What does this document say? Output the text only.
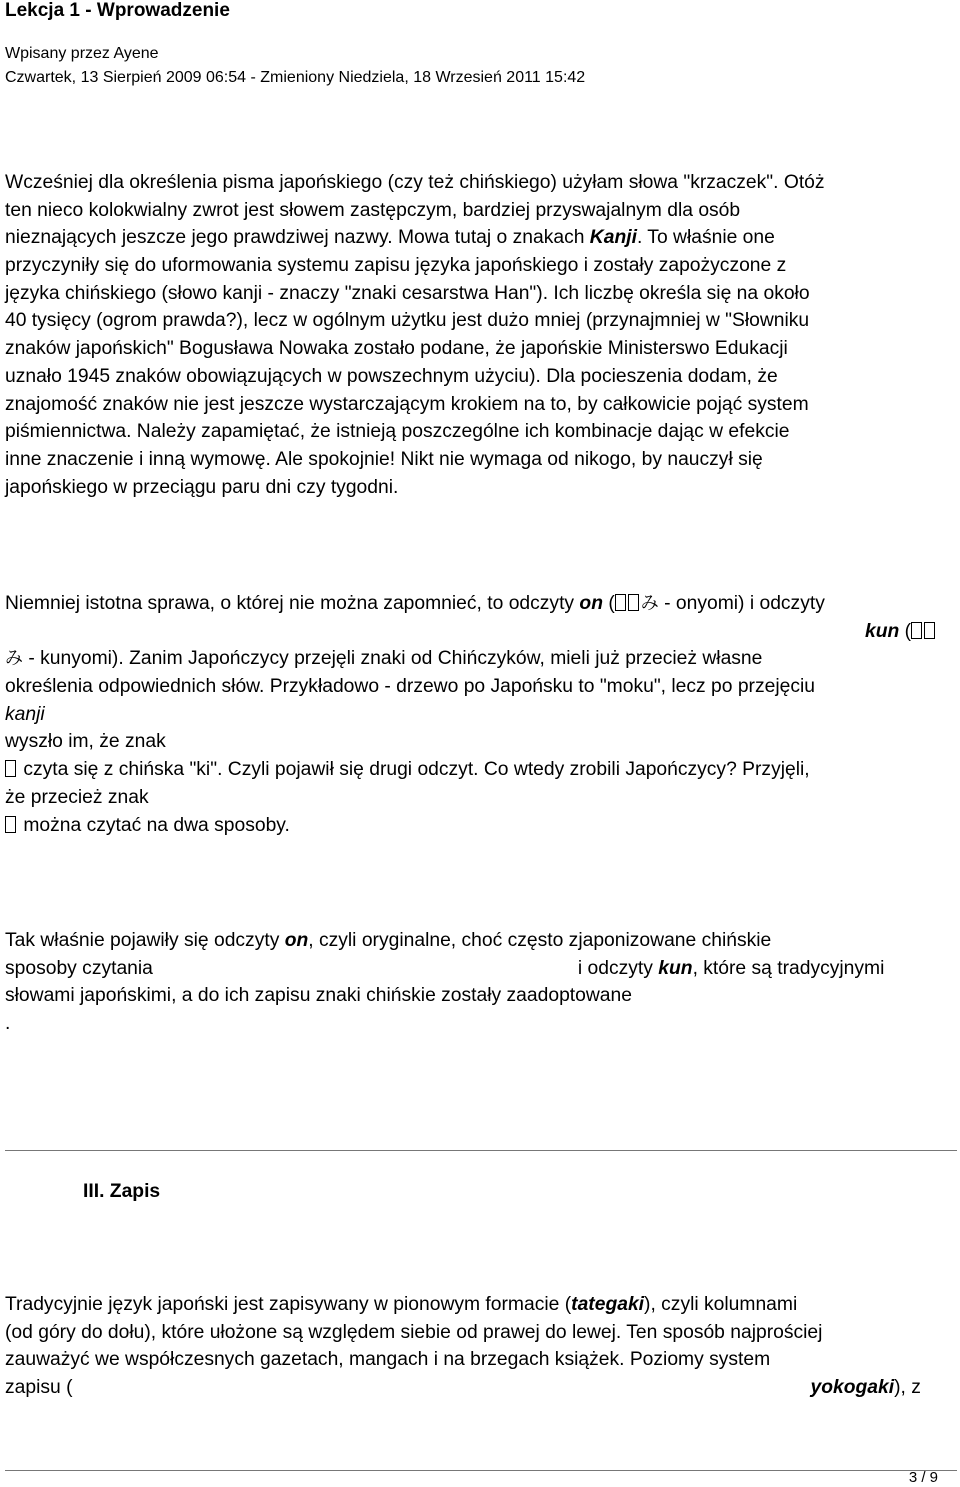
Lekcja 1 - Wprowadzenie
Wpisany przez Ayene
Czwartek, 13 Sierpień 2009 06:54 - Zmieniony Niedziela, 18 Wrzesień 2011 15:42
Wcześniej dla określenia pisma japońskiego (czy też chińskiego) użyłam słowa "krzaczek". Otóż
ten nieco kolokwialny zwrot jest słowem zastępczym, bardziej przyswajalnym dla osób
nieznających jeszcze jego prawdziwej nazwy. Mowa tutaj o znakach Kanji. To właśnie one
przyczyniły się do uformowania systemu zapisu języka japońskiego i zostały zapożyczone z
języka chińskiego (słowo kanji - znaczy "znaki cesarstwa Han"). Ich liczbę określa się na około
40 tysięcy (ogrom prawda?), lecz w ogólnym użytku jest dużo mniej (przynajmniej w "Słowniku
znaków japońskich" Bogusława Nowaka zostało podane, że japońskie Ministerswo Edukacji
uznało 1945 znaków obowiązujących w powszechnym użyciu). Dla pocieszenia dodam, że
znajomość znaków nie jest jeszcze wystarczającym krokiem na to, by całkowicie pojąć system
piśmiennictwa. Należy zapamiętać, że istnieją poszczególne ich kombinacje dając w efekcie
inne znaczenie i inną wymowę. Ale spokojnie! Nikt nie wymaga od nikogo, by nauczył się
japońskiego w przeciągu paru dni czy tygodni.
Niemniej istotna sprawa, o której nie można zapomnieć, to odczyty on ( み - onyomi) i odczyty
kun (
み - kunyomi). Zanim Japończycy przejęli znaki od Chińczyków, mieli już przecież własne
określenia odpowiednich słów. Przykładowo - drzewo po Japońsku to "moku", lecz po przejęciu
kanji
wyszło im, że znak
czyta się z chińska "ki". Czyli pojawił się drugi odczyt. Co wtedy zrobili Japończycy? Przyjęli,
że przecież znak
można czytać na dwa sposoby.
Tak właśnie pojawiły się odczyty on, czyli oryginalne, choć często zjaponizowane chińskie
sposoby czytania	i odczyty kun, które są tradycyjnymi
słowami japońskimi, a do ich zapisu znaki chińskie zostały zaadoptowane
.
III. Zapis
Tradycyjnie język japoński jest zapisywany w pionowym formacie (tategaki), czyli kolumnami
(od góry do dołu), które ułożone są względem siebie od prawej do lewej. Ten sposób najprościej
zauważyć we współczesnych gazetach, mangach i na brzegach książek. Poziomy system
zapisu (	yokogaki), z
3 / 9
